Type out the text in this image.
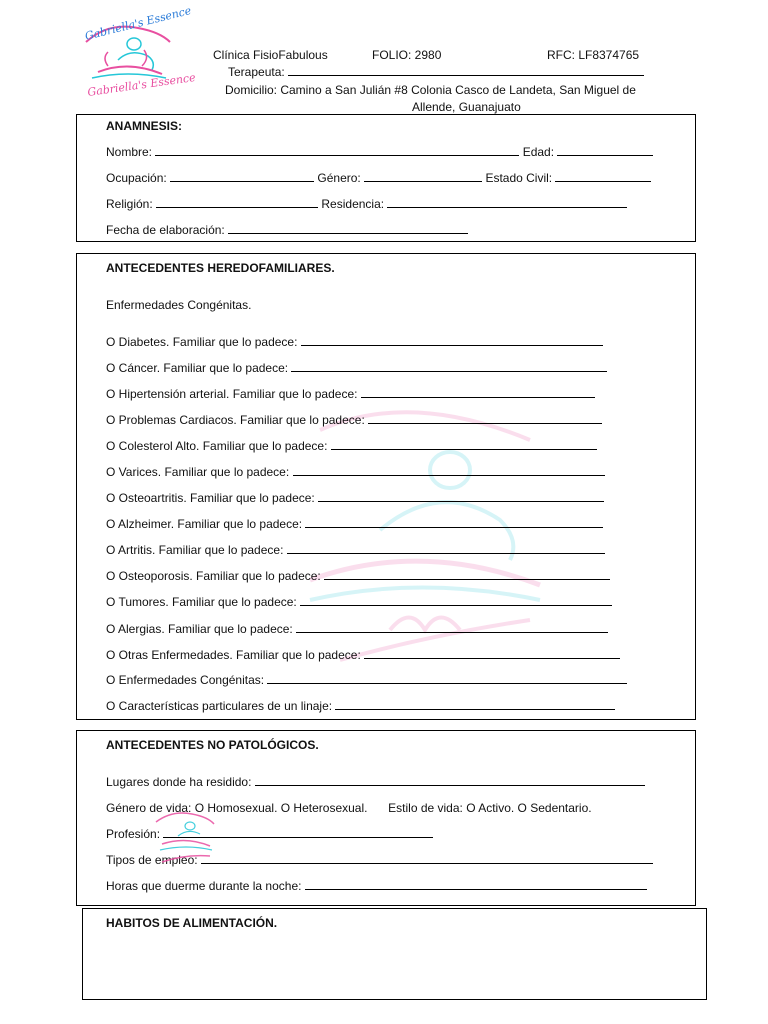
Gabriella's Essence
Gabriella's Essence
Clínica FisioFabulous	FOLIO: 2980	RFC: LF8374765
Terapeuta:
Domicilio: Camino a San Julián #8 Colonia Casco de Landeta, San Miguel de
Allende, Guanajuato
ANAMNESIS:
Nombre:	Edad:
Ocupación:	Género:	Estado Civil:
Religión:	Residencia:
Fecha de elaboración:
ANTECEDENTES HEREDOFAMILIARES.
Enfermedades Congénitas.
O Diabetes. Familiar que lo padece:
O Cáncer. Familiar que lo padece:
O Hipertensión arterial. Familiar que lo padece:
O Problemas Cardiacos. Familiar que lo padece:
O Colesterol Alto. Familiar que lo padece:
O Varices. Familiar que lo padece:
O Osteoartritis. Familiar que lo padece:
O Alzheimer. Familiar que lo padece:
O Artritis. Familiar que lo padece:
O Osteoporosis. Familiar que lo padece:
O Tumores. Familiar que lo padece:
O Alergias. Familiar que lo padece:
O Otras Enfermedades. Familiar que lo padece:
O Enfermedades Congénitas:
O Características particulares de un linaje:
ANTECEDENTES NO PATOLÓGICOS.
Lugares donde ha residido:
Género de vida: O Homosexual. O Heterosexual. Estilo de vida: O Activo. O Sedentario.
Profesión:
Tipos de empleo:
Horas que duerme durante la noche:
HABITOS DE ALIMENTACIÓN.
